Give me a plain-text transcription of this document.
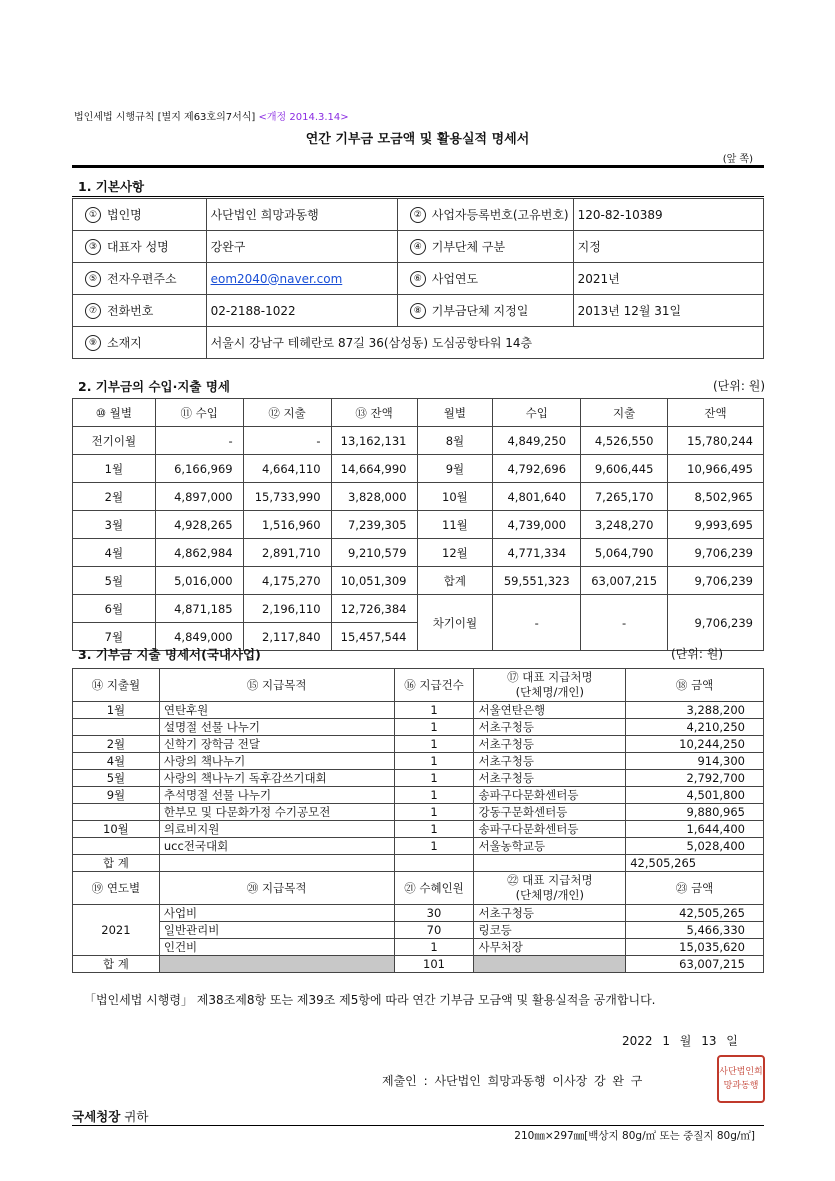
법인세법 시행규칙 [별지 제63호의7서식] <개정 2014.3.14>
연간 기부금 모금액 및 활용실적 명세서
(앞 쪽)
1. 기본사항
① 법인명	사단법인 희망과동행	② 사업자등록번호(고유번호)	120-82-10389
③ 대표자 성명	강완구	④ 기부단체 구분	지정
⑤ 전자우편주소	eom2040@naver.com	⑥ 사업연도	2021년
⑦ 전화번호	02-2188-1022	⑧ 기부금단체 지정일	2013년 12월 31일
⑨ 소재지	서울시 강남구 테헤란로 87길 36(삼성동) 도심공항타워 14층		
2. 기부금의 수입·지출 명세	(단위: 원)
⑩ 월별	⑪ 수입	⑫ 지출	⑬ 잔액	월별	수입	지출	잔액
전기이월	-	-	13,162,131	8월	4,849,250	4,526,550	15,780,244
1월	6,166,969	4,664,110	14,664,990	9월	4,792,696	9,606,445	10,966,495
2월	4,897,000	15,733,990	3,828,000	10월	4,801,640	7,265,170	8,502,965
3월	4,928,265	1,516,960	7,239,305	11월	4,739,000	3,248,270	9,993,695
4월	4,862,984	2,891,710	9,210,579	12월	4,771,334	5,064,790	9,706,239
5월	5,016,000	4,175,270	10,051,309	합계	59,551,323	63,007,215	9,706,239
6월	4,871,185	2,196,110	12,726,384	차기이월	-	-	9,706,239
7월	4,849,000	2,117,840	15,457,544				
3. 기부금 지출 명세서(국내사업)	(단위: 원)
⑭ 지출월	⑮ 지급목적	⑯ 지급건수	⑰ 대표 지급처명
(단체명/개인)	⑱ 금액
1월	연탄후원	1	서울연탄은행	3,288,200
	설명절 선물 나누기	1	서초구청등	4,210,250
2월	신학기 장학금 전달	1	서초구청등	10,244,250
4월	사랑의 책나누기	1	서초구청등	914,300
5월	사랑의 책나누기 독후감쓰기대회	1	서초구청등	2,792,700
9월	추석명절 선물 나누기	1	송파구다문화센터등	4,501,800
	한부모 및 다문화가정 수기공모전	1	강동구문화센터등	9,880,965
10월	의료비지원	1	송파구다문화센터등	1,644,400
	ucc전국대회	1	서울농학교등	5,028,400
합 계				42,505,265
⑲ 연도별	⑳ 지급목적	㉑ 수혜인원	㉒ 대표 지급처명
(단체명/개인)	㉓ 금액
2021	사업비	30	서초구청등	42,505,265
	일반관리비	70	링코등	5,466,330
	인건비	1	사무처장	15,035,620
합 계		101		63,007,215
「법인세법 시행령」 제38조제8항 또는 제39조 제5항에 따라 연간 기부금 모금액 및 활용실적을 공개합니다.
2022 1 월 13 일
제출인 : 사단법인 희망과동행 이사장 강 완 구
사단법인희망과동행
국세청장 귀하
210㎜×297㎜[백상지 80g/㎡ 또는 중질지 80g/㎡]
